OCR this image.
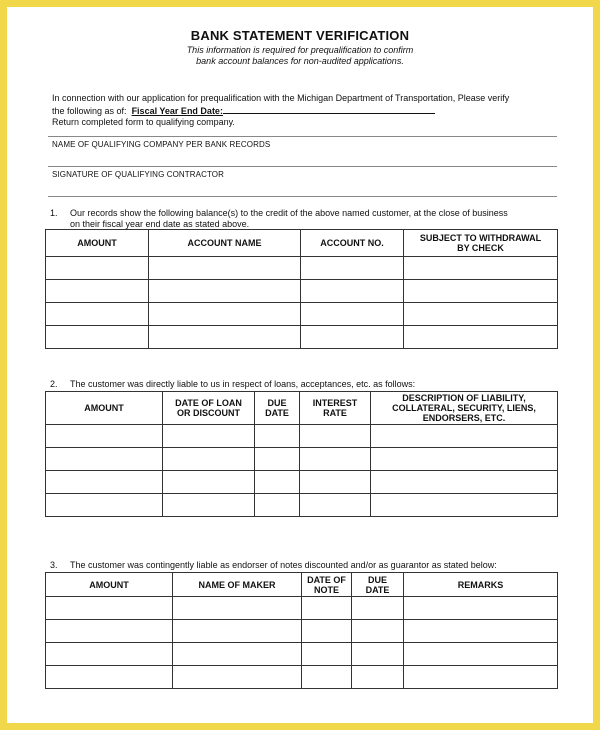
BANK STATEMENT VERIFICATION
This information is required for prequalification to confirm
bank account balances for non-audited applications.
In connection with our application for prequalification with the Michigan Department of Transportation, Please verify
the following as of: Fiscal Year End Date:
Return completed form to qualifying company.
NAME OF QUALIFYING COMPANY PER BANK RECORDS
SIGNATURE OF QUALIFYING CONTRACTOR
1. Our records show the following balance(s) to the credit of the above named customer, at the close of business
on their fiscal year end date as stated above.
AMOUNT	ACCOUNT NAME	ACCOUNT NO.	SUBJECT TO WITHDRAWAL BY CHECK

2. The customer was directly liable to us in respect of loans, acceptances, etc. as follows:
AMOUNT	DATE OF LOAN OR DISCOUNT	DUE DATE	INTEREST RATE	DESCRIPTION OF LIABILITY, COLLATERAL, SECURITY, LIENS, ENDORSERS, ETC.

3. The customer was contingently liable as endorser of notes discounted and/or as guarantor as stated below:
AMOUNT	NAME OF MAKER	DATE OF NOTE	DUE DATE	REMARKS
